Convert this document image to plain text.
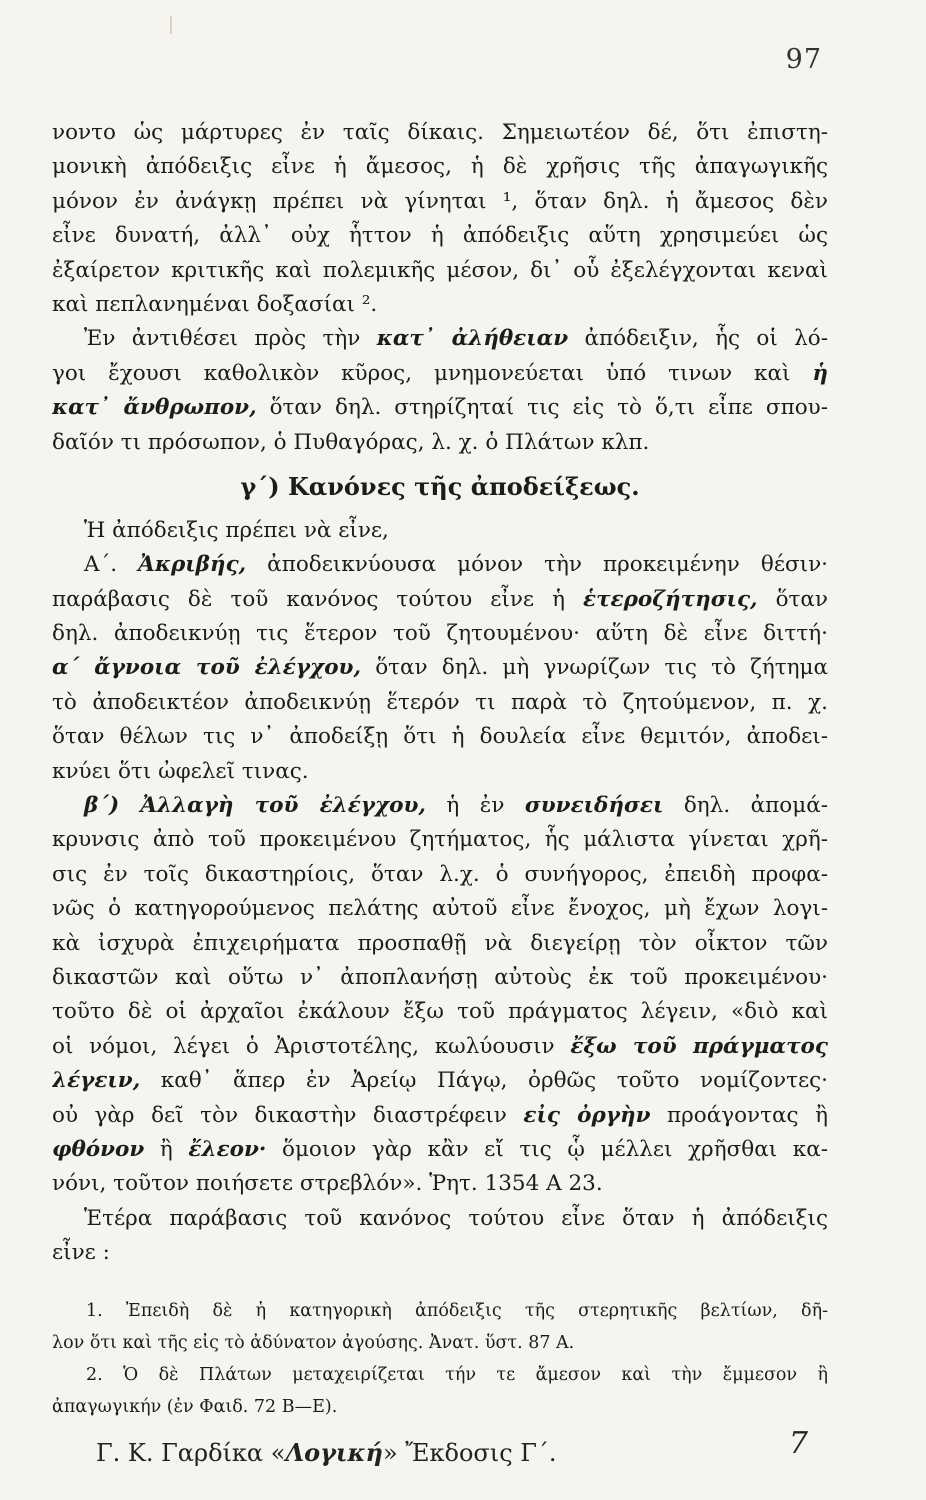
97
νοντο ὡς μάρτυρες ἐν ταῖς δίκαις. Σημειωτέον δέ, ὅτι ἐπιστη-
μονικὴ ἀπόδειξις εἶνε ἡ ἄμεσος, ἡ δὲ χρῆσις τῆς ἀπαγωγικῆς
μόνον ἐν ἀνάγκῃ πρέπει νὰ γίνηται ¹, ὅταν δηλ. ἡ ἄμεσος δὲν
εἶνε δυνατή, ἀλλ᾿ οὐχ ἧττον ἡ ἀπόδειξις αὕτη χρησιμεύει ὡς
ἐξαίρετον κριτικῆς καὶ πολεμικῆς μέσον, δι᾿ οὗ ἐξελέγχονται κεναὶ
καὶ πεπλανημέναι δοξασίαι ².
Ἐν ἀντιθέσει πρὸς τὴν κατ᾿ ἀλήθειαν ἀπόδειξιν, ἧς οἱ λό-
γοι ἔχουσι καθολικὸν κῦρος, μνημονεύεται ὑπό τινων καὶ ἡ
κατ᾿ ἄνθρωπον, ὅταν δηλ. στηρίζηταί τις εἰς τὸ ὅ,τι εἶπε σπου-
δαῖόν τι πρόσωπον, ὁ Πυθαγόρας, λ. χ. ὁ Πλάτων κλπ.
γ΄) Κανόνες τῆς ἀποδείξεως.
Ἡ ἀπόδειξις πρέπει νὰ εἶνε,
Α΄. Ἀκριβής, ἀποδεικνύουσα μόνον τὴν προκειμένην θέσιν·
παράβασις δὲ τοῦ κανόνος τούτου εἶνε ἡ ἑτεροζήτησις, ὅταν
δηλ. ἀποδεικνύῃ τις ἕτερον τοῦ ζητουμένου· αὕτη δὲ εἶνε διττή·
α΄ ἄγνοια τοῦ ἐλέγχου, ὅταν δηλ. μὴ γνωρίζων τις τὸ ζήτημα
τὸ ἀποδεικτέον ἀποδεικνύῃ ἕτερόν τι παρὰ τὸ ζητούμενον, π. χ.
ὅταν θέλων τις ν᾿ ἀποδείξῃ ὅτι ἡ δουλεία εἶνε θεμιτόν, ἀποδει-
κνύει ὅτι ὠφελεῖ τινας.
β΄) Ἀλλαγὴ τοῦ ἐλέγχου, ἡ ἐν συνειδήσει δηλ. ἀπομά-
κρυνσις ἀπὸ τοῦ προκειμένου ζητήματος, ἧς μάλιστα γίνεται χρῆ-
σις ἐν τοῖς δικαστηρίοις, ὅταν λ.χ. ὁ συνήγορος, ἐπειδὴ προφα-
νῶς ὁ κατηγορούμενος πελάτης αὐτοῦ εἶνε ἔνοχος, μὴ ἔχων λογι-
κὰ ἰσχυρὰ ἐπιχειρήματα προσπαθῇ νὰ διεγείρῃ τὸν οἶκτον τῶν
δικαστῶν καὶ οὕτω ν᾿ ἀποπλανήσῃ αὐτοὺς ἐκ τοῦ προκειμένου·
τοῦτο δὲ οἱ ἀρχαῖοι ἐκάλουν ἔξω τοῦ πράγματος λέγειν, «διὸ καὶ
οἱ νόμοι, λέγει ὁ Ἀριστοτέλης, κωλύουσιν ἔξω τοῦ πράγματος
λέγειν, καθ᾿ ἅπερ ἐν Ἀρείῳ Πάγῳ, ὀρθῶς τοῦτο νομίζοντες·
οὐ γὰρ δεῖ τὸν δικαστὴν διαστρέφειν εἰς ὀργὴν προάγοντας ἢ
φθόνον ἢ ἔλεον· ὅμοιον γὰρ κἂν εἴ τις ᾧ μέλλει χρῆσθαι κα-
νόνι, τοῦτον ποιήσετε στρεβλόν». Ῥητ. 1354 Α 23.
Ἑτέρα παράβασις τοῦ κανόνος τούτου εἶνε ὅταν ἡ ἀπόδειξις
εἶνε :
1. Ἐπειδὴ δὲ ἡ κατηγορικὴ ἀπόδειξις τῆς στερητικῆς βελτίων, δῆ-
λον ὅτι καὶ τῆς εἰς τὸ ἀδύνατον ἀγούσης. Ἀνατ. ὕστ. 87 Α.
2. Ὁ δὲ Πλάτων μεταχειρίζεται τήν τε ἄμεσον καὶ τὴν ἔμμεσον ἢ
ἀπαγωγικήν (ἐν Φαιδ. 72 Β—Ε).
Γ. Κ. Γαρδίκα «Λογική» Ἔκδοσις Γ΄.	7
